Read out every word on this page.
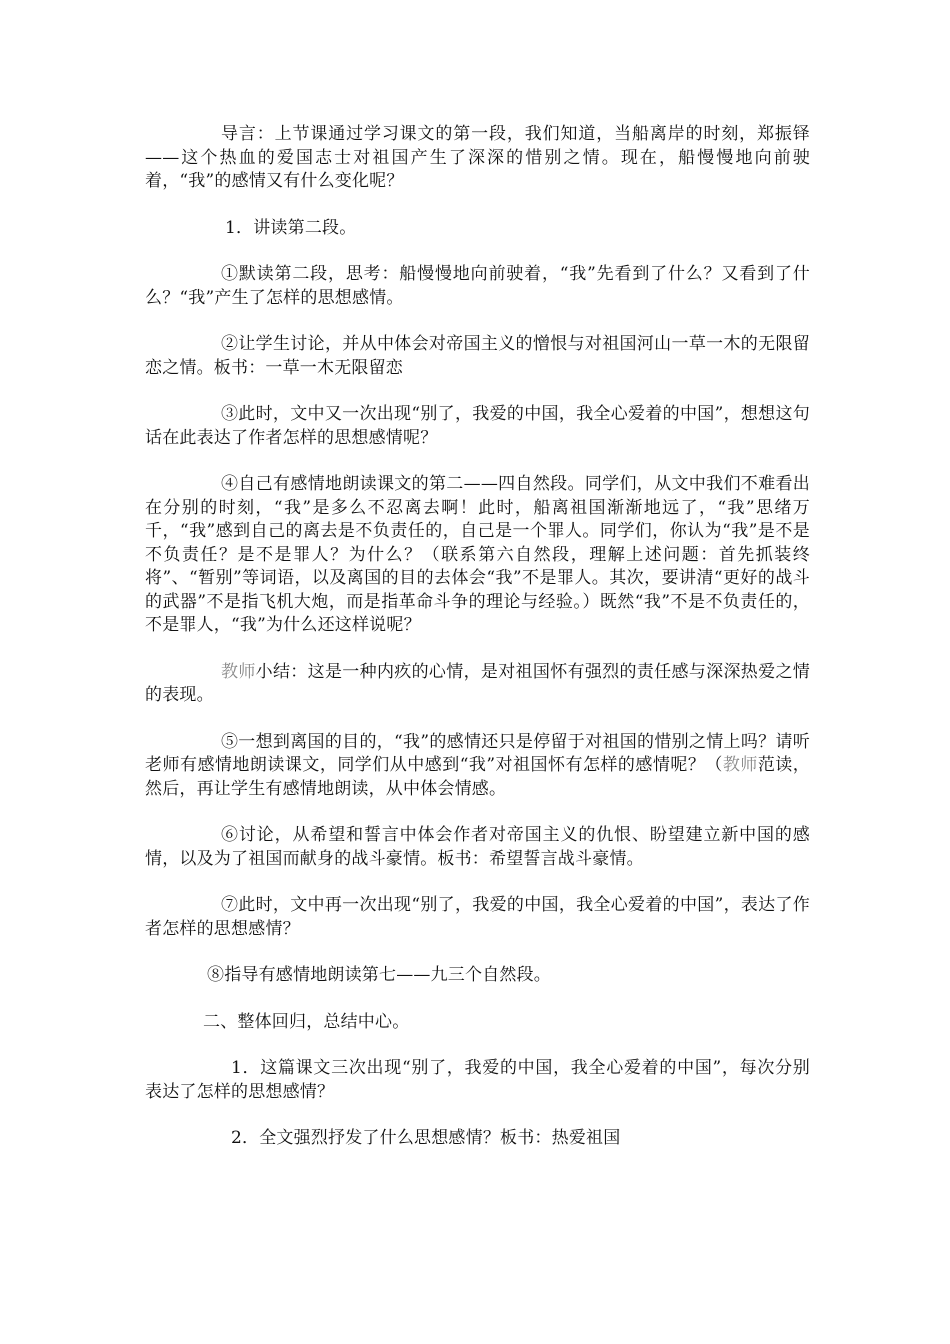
导言：上节课通过学习课文的第一段，我们知道，当船离岸的时刻，郑振铎——这个热血的爱国志士对祖国产生了深深的惜别之情。现在，船慢慢地向前驶着，“我”的感情又有什么变化呢？

1．讲读第二段。

①默读第二段，思考：船慢慢地向前驶着，“我”先看到了什么？又看到了什么？“我”产生了怎样的思想感情。

②让学生讨论，并从中体会对帝国主义的憎恨与对祖国河山一草一木的无限留恋之情。板书：一草一木无限留恋

③此时，文中又一次出现“别了，我爱的中国，我全心爱着的中国”，想想这句话在此表达了作者怎样的思想感情呢？

④自己有感情地朗读课文的第二——四自然段。同学们，从文中我们不难看出在分别的时刻，“我”是多么不忍离去啊！此时，船离祖国渐渐地远了，“我”思绪万千，“我”感到自己的离去是不负责任的，自己是一个罪人。同学们，你认为“我”是不是不负责任？是不是罪人？为什么？（联系第六自然段，理解上述问题：首先抓装终将”、“暂别”等词语，以及离国的目的去体会“我”不是罪人。其次，要讲清“更好的战斗的武器”不是指飞机大炮，而是指革命斗争的理论与经验。）既然“我”不是不负责任的，不是罪人，“我”为什么还这样说呢？

教师小结：这是一种内疚的心情，是对祖国怀有强烈的责任感与深深热爱之情的表现。

⑤一想到离国的目的，“我”的感情还只是停留于对祖国的惜别之情上吗？请听老师有感情地朗读课文，同学们从中感到“我”对祖国怀有怎样的感情呢？（教师范读，然后，再让学生有感情地朗读，从中体会情感。

⑥讨论，从希望和誓言中体会作者对帝国主义的仇恨、盼望建立新中国的感情，以及为了祖国而献身的战斗豪情。板书：希望誓言战斗豪情。

⑦此时，文中再一次出现“别了，我爱的中国，我全心爱着的中国”，表达了作者怎样的思想感情？

⑧指导有感情地朗读第七——九三个自然段。

二、整体回归，总结中心。

1．这篇课文三次出现“别了，我爱的中国，我全心爱着的中国”，每次分别表达了怎样的思想感情？

2．全文强烈抒发了什么思想感情？板书：热爱祖国
